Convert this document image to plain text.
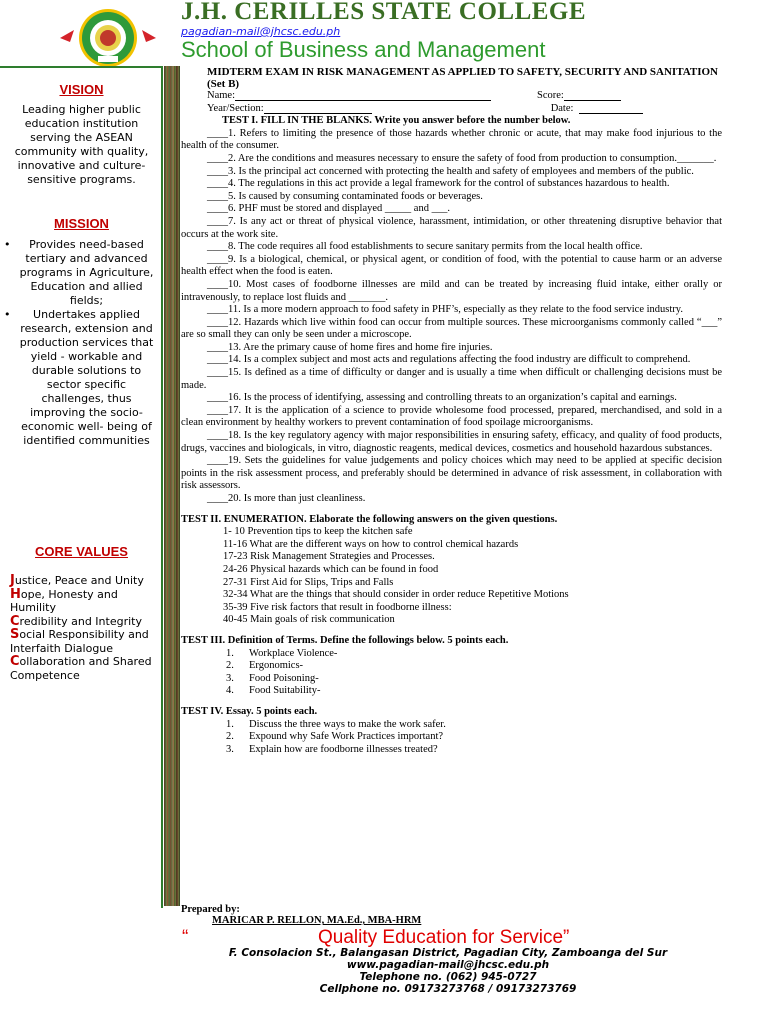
J.H. CERILLES STATE COLLEGE
pagadian-mail@jhcsc.edu.ph
School of Business and Management
VISION
Leading higher public education institution serving the ASEAN community with quality, innovative and culture-sensitive programs.
MISSION
• Provides need-based tertiary and advanced programs in Agriculture, Education and allied fields;
• Undertakes applied research, extension and production services that yield - workable and durable solutions to sector specific challenges, thus improving the socio-economic well- being of identified communities
CORE VALUES
Justice, Peace and Unity
Hope, Honesty and Humility
Credibility and Integrity
Social Responsibility and Interfaith Dialogue
Collaboration and Shared Competence
MIDTERM EXAM IN RISK MANAGEMENT AS APPLIED TO SAFETY, SECURITY AND SANITATION (Set B)
Name:	Score:
Year/Section:	Date:
TEST I. FILL IN THE BLANKS. Write you answer before the number below.
____1. Refers to limiting the presence of those hazards whether chronic or acute, that may make food injurious to the health of the consumer.
____2. Are the conditions and measures necessary to ensure the safety of food from production to consumption._______.
____3. Is the principal act concerned with protecting the health and safety of employees and members of the public.
____4. The regulations in this act provide a legal framework for the control of substances hazardous to health.
____5. Is caused by consuming contaminated foods or beverages.
____6. PHF must be stored and displayed _____ and ___.
____7. Is any act or threat of physical violence, harassment, intimidation, or other threatening disruptive behavior that occurs at the work site.
____8. The code requires all food establishments to secure sanitary permits from the local health office.
____9. Is a biological, chemical, or physical agent, or condition of food, with the potential to cause harm or an adverse health effect when the food is eaten.
____10. Most cases of foodborne illnesses are mild and can be treated by increasing fluid intake, either orally or intravenously, to replace lost fluids and _______.
____11. Is a more modern approach to food safety in PHF’s, especially as they relate to the food service industry.
____12. Hazards which live within food can occur from multiple sources. These microorganisms commonly called “___” are so small they can only be seen under a microscope.
____13. Are the primary cause of home fires and home fire injuries.
____14. Is a complex subject and most acts and regulations affecting the food industry are difficult to comprehend.
____15. Is defined as a time of difficulty or danger and is usually a time when difficult or challenging decisions must be made.
____16. Is the process of identifying, assessing and controlling threats to an organization’s capital and earnings.
____17. It is the application of a science to provide wholesome food processed, prepared, merchandised, and sold in a clean environment by healthy workers to prevent contamination of food spoilage microorganisms.
____18. Is the key regulatory agency with major responsibilities in ensuring safety, efficacy, and quality of food products, drugs, vaccines and biologicals, in vitro, diagnostic reagents, medical devices, cosmetics and household hazardous substances.
____19. Sets the guidelines for value judgements and policy choices which may need to be applied at specific decision points in the risk assessment process, and preferably should be determined in advance of risk assessment, in collaboration with risk assessors.
____20. Is more than just cleanliness.
TEST II. ENUMERATION. Elaborate the following answers on the given questions.
1- 10 Prevention tips to keep the kitchen safe
11-16 What are the different ways on how to control chemical hazards
17-23 Risk Management Strategies and Processes.
24-26 Physical hazards which can be found in food
27-31 First Aid for Slips, Trips and Falls
32-34 What are the things that should consider in order reduce Repetitive Motions
35-39 Five risk factors that result in foodborne illness:
40-45 Main goals of risk communication
TEST III. Definition of Terms. Define the followings below. 5 points each.
1. Workplace Violence-
2. Ergonomics-
3. Food Poisoning-
4. Food Suitability-
TEST IV. Essay. 5 points each.
1. Discuss the three ways to make the work safer.
2. Expound why Safe Work Practices important?
3. Explain how are foodborne illnesses treated?
Prepared by:
MARICAR P. RELLON, MA.Ed., MBA-HRM
“	Quality Education for Service”
F. Consolacion St., Balangasan District, Pagadian City, Zamboanga del Sur
www.pagadian-mail@jhcsc.edu.ph
Telephone no. (062) 945-0727
Cellphone no. 09173273768 / 09173273769
